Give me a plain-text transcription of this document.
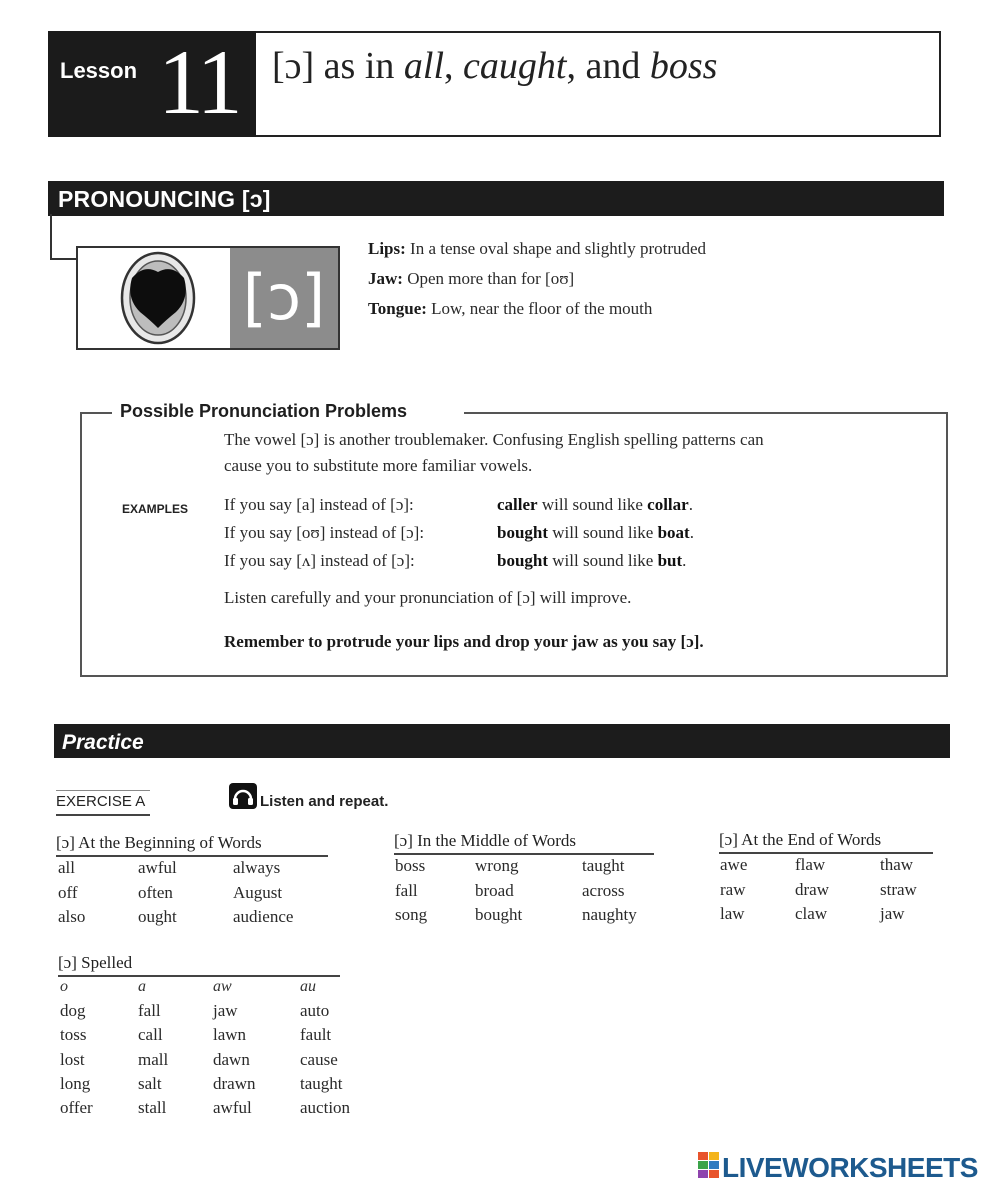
Lesson 11 [ɔ] as in all, caught, and boss
PRONOUNCING [ɔ]
[ɔ]
Lips: In a tense oval shape and slightly protruded
Jaw: Open more than for [oʊ]
Tongue: Low, near the floor of the mouth
Possible Pronunciation Problems
The vowel [ɔ] is another troublemaker. Confusing English spelling patterns can
cause you to substitute more familiar vowels.
EXAMPLES If you say [a] instead of [ɔ]:	caller will sound like collar.
If you say [oʊ] instead of [ɔ]:	bought will sound like boat.
If you say [ʌ] instead of [ɔ]:	bought will sound like but.
Listen carefully and your pronunciation of [ɔ] will improve.
Remember to protrude your lips and drop your jaw as you say [ɔ].
Practice
EXERCISE A	Listen and repeat.
[ɔ] At the Beginning of Words
all	awful	always
off	often	August
also	ought	audience
[ɔ] In the Middle of Words
boss	wrong	taught
fall	broad	across
song	bought	naughty
[ɔ] At the End of Words
awe	flaw	thaw
raw	draw	straw
law	claw	jaw
[ɔ] Spelled
o	a	aw	au
dog	fall	jaw	auto
toss	call	lawn	fault
lost	mall	dawn	cause
long	salt	drawn	taught
offer	stall	awful	auction
LIVEWORKSHEETS
